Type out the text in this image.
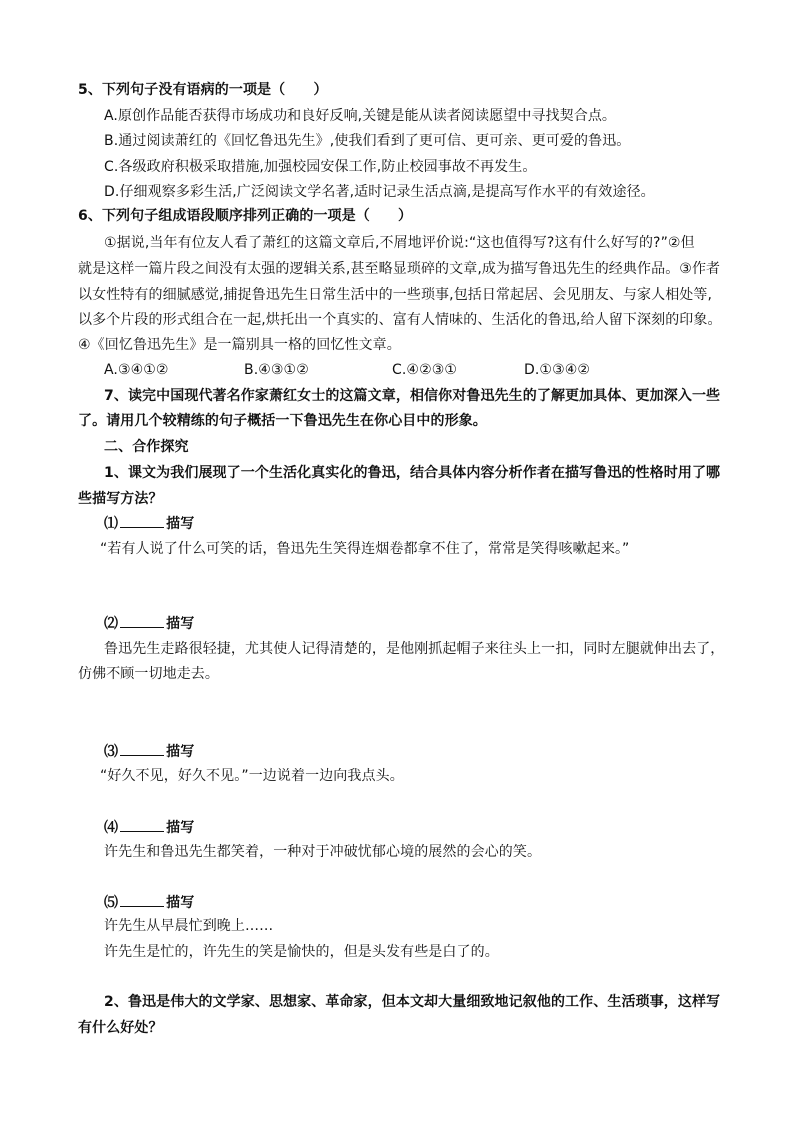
5、下列句子没有语病的一项是（　　）
A.原创作品能否获得市场成功和良好反响,关键是能从读者阅读愿望中寻找契合点。
B.通过阅读萧红的《回忆鲁迅先生》,使我们看到了更可信、更可亲、更可爱的鲁迅。
C.各级政府积极采取措施,加强校园安保工作,防止校园事故不再发生。
D.仔细观察多彩生活,广泛阅读文学名著,适时记录生活点滴,是提高写作水平的有效途径。
6、下列句子组成语段顺序排列正确的一项是（　　）
①据说,当年有位友人看了萧红的这篇文章后,不屑地评价说:“这也值得写?这有什么好写的?”②但
就是这样一篇片段之间没有太强的逻辑关系,甚至略显琐碎的文章,成为描写鲁迅先生的经典作品。③作者
以女性特有的细腻感觉,捕捉鲁迅先生日常生活中的一些琐事,包括日常起居、会见朋友、与家人相处等,
以多个片段的形式组合在一起,烘托出一个真实的、富有人情味的、生活化的鲁迅,给人留下深刻的印象。
④《回忆鲁迅先生》是一篇别具一格的回忆性文章。
A.③④①②	B.④③①②	C.④②③①	D.①③④②
7、读完中国现代著名作家萧红女士的这篇文章，相信你对鲁迅先生的了解更加具体、更加深入一些
了。请用几个较精练的句子概括一下鲁迅先生在你心目中的形象。
二、合作探究
1、课文为我们展现了一个生活化真实化的鲁迅，结合具体内容分析作者在描写鲁迅的性格时用了哪
些描写方法？
⑴	描写
“若有人说了什么可笑的话，鲁迅先生笑得连烟卷都拿不住了，常常是笑得咳嗽起来。”
⑵	描写
鲁迅先生走路很轻捷，尤其使人记得清楚的，是他刚抓起帽子来往头上一扣，同时左腿就伸出去了，
仿佛不顾一切地走去。
⑶	描写
“好久不见，好久不见。”一边说着一边向我点头。
⑷	描写
许先生和鲁迅先生都笑着，一种对于冲破忧郁心境的展然的会心的笑。
⑸	描写
许先生从早晨忙到晚上……
许先生是忙的，许先生的笑是愉快的，但是头发有些是白了的。
2、鲁迅是伟大的文学家、思想家、革命家，但本文却大量细致地记叙他的工作、生活琐事，这样写
有什么好处？
